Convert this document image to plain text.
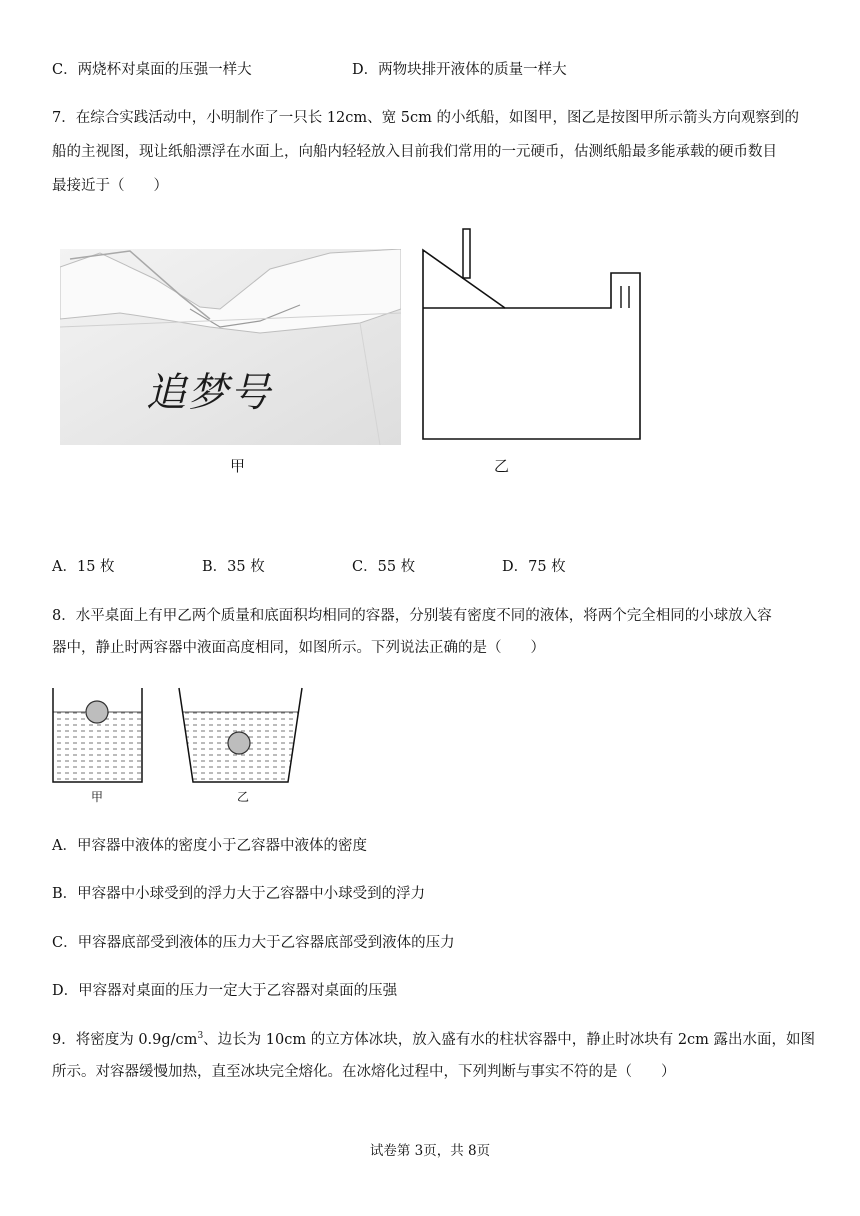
C．两烧杯对桌面的压强一样大	D．两物块排开液体的质量一样大
7．在综合实践活动中，小明制作了一只长 12cm、宽 5cm 的小纸船，如图甲，图乙是按图甲所示箭头方向观察到的
船的主视图，现让纸船漂浮在水面上，向船内轻轻放入目前我们常用的一元硬币，估测纸船最多能承载的硬币数目
最接近于（　　）
追梦号
甲	乙
A．15 枚	B．35 枚	C．55 枚	D．75 枚
8．水平桌面上有甲乙两个质量和底面积均相同的容器，分别装有密度不同的液体，将两个完全相同的小球放入容
器中，静止时两容器中液面高度相同，如图所示。下列说法正确的是（　　）
甲	乙
A．甲容器中液体的密度小于乙容器中液体的密度
B．甲容器中小球受到的浮力大于乙容器中小球受到的浮力
C．甲容器底部受到液体的压力大于乙容器底部受到液体的压力
D．甲容器对桌面的压力一定大于乙容器对桌面的压强
9．将密度为 $0.9g/cm^3$、边长为 10cm 的立方体冰块，放入盛有水的柱状容器中，静止时冰块有 2cm 露出水面，如图
所示。对容器缓慢加热，直至冰块完全熔化。在冰熔化过程中，下列判断与事实不符的是（　　）
试卷第 3页，共 8页
